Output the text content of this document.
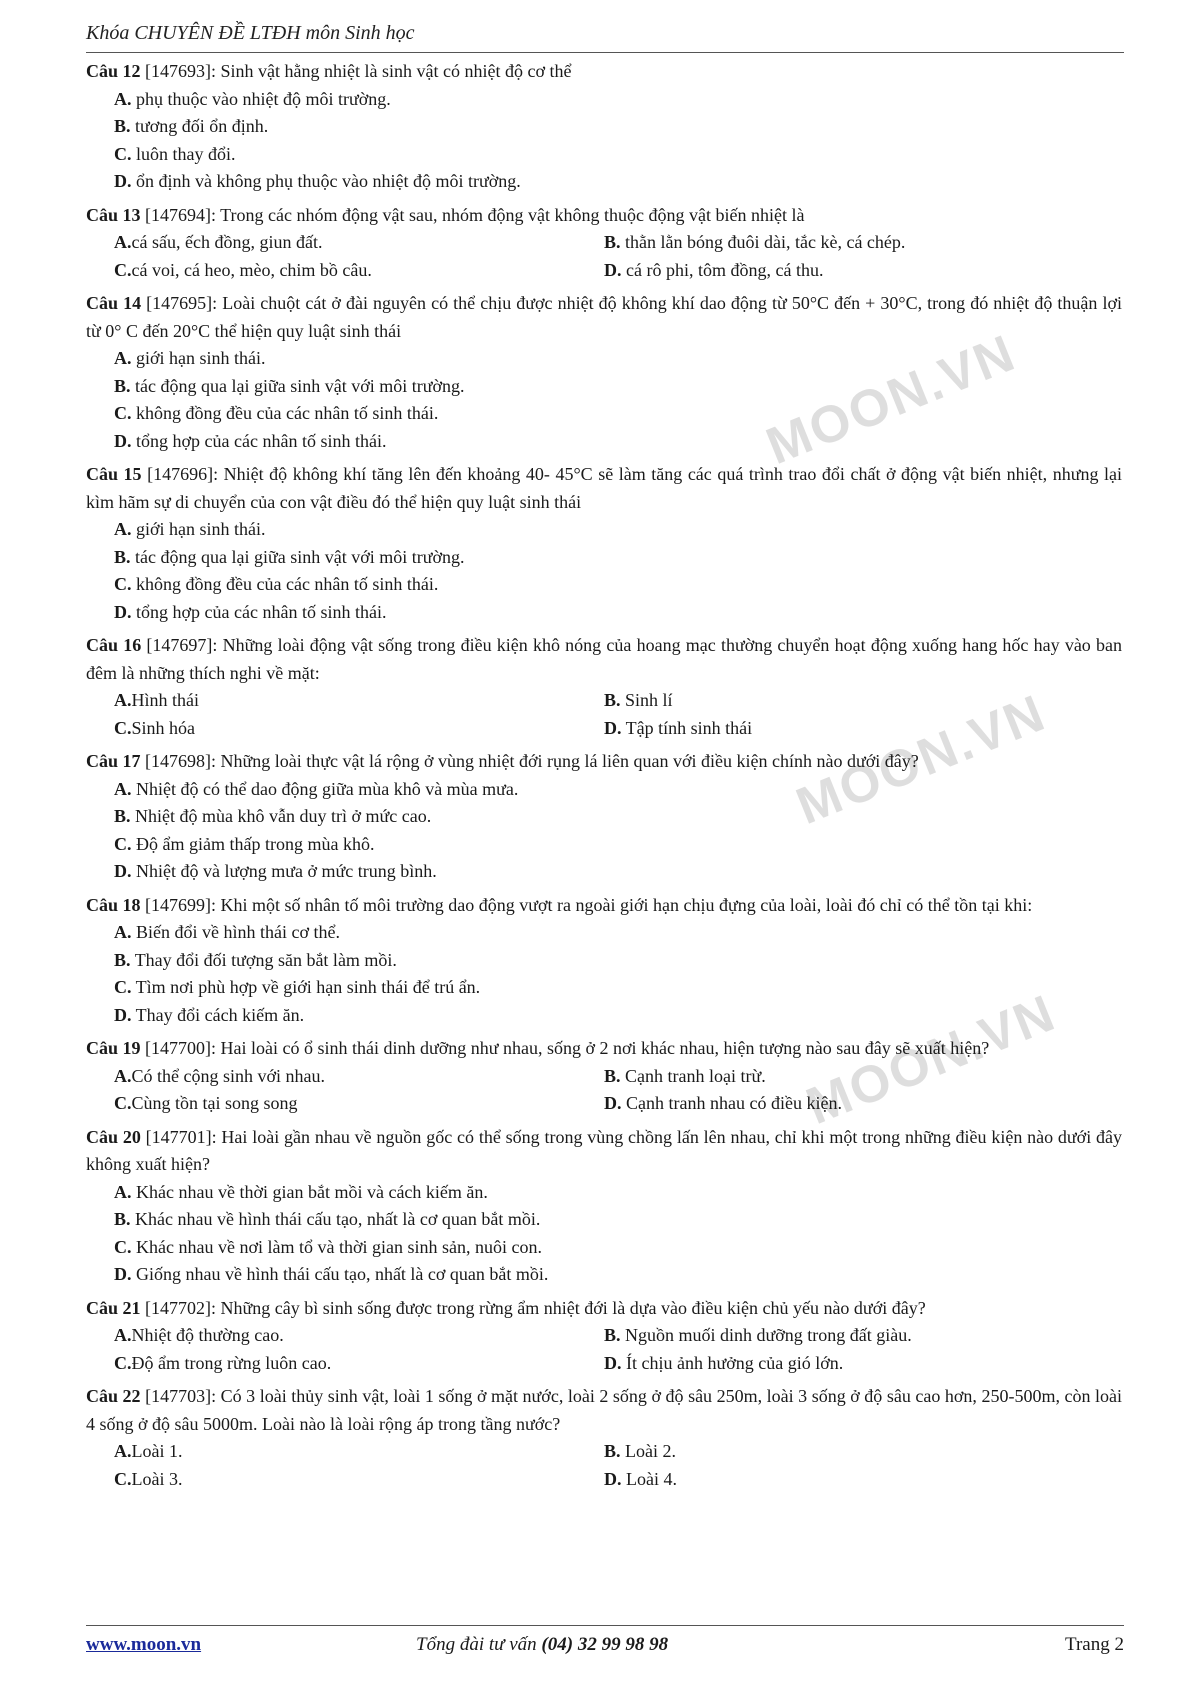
Khóa CHUYÊN ĐỀ LTĐH môn Sinh học
MOON.VN
MOON.VN
MOON.VN
Câu 12 [147693]: Sinh vật hằng nhiệt là sinh vật có nhiệt độ cơ thể
A. phụ thuộc vào nhiệt độ môi trường.
B. tương đối ổn định.
C. luôn thay đổi.
D. ổn định và không phụ thuộc vào nhiệt độ môi trường.
Câu 13 [147694]: Trong các nhóm động vật sau, nhóm động vật không thuộc động vật biến nhiệt là
A.cá sấu, ếch đồng, giun đất.	B. thằn lằn bóng đuôi dài, tắc kè, cá chép.
C.cá voi, cá heo, mèo, chim bồ câu.	D. cá rô phi, tôm đồng, cá thu.
Câu 14 [147695]: Loài chuột cát ở đài nguyên có thể chịu được nhiệt độ không khí dao động từ 50°C đến + 30°C, trong đó nhiệt độ thuận lợi từ 0° C đến 20°C thể hiện quy luật sinh thái
A. giới hạn sinh thái.
B. tác động qua lại giữa sinh vật với môi trường.
C. không đồng đều của các nhân tố sinh thái.
D. tổng hợp của các nhân tố sinh thái.
Câu 15 [147696]: Nhiệt độ không khí tăng lên đến khoảng 40- 45°C sẽ làm tăng các quá trình trao đổi chất ở động vật biến nhiệt, nhưng lại kìm hãm sự di chuyển của con vật điều đó thể hiện quy luật sinh thái
A. giới hạn sinh thái.
B. tác động qua lại giữa sinh vật với môi trường.
C. không đồng đều của các nhân tố sinh thái.
D. tổng hợp của các nhân tố sinh thái.
Câu 16 [147697]: Những loài động vật sống trong điều kiện khô nóng của hoang mạc thường chuyển hoạt động xuống hang hốc hay vào ban đêm là những thích nghi về mặt:
A.Hình thái	B. Sinh lí
C.Sinh hóa	D. Tập tính sinh thái
Câu 17 [147698]: Những loài thực vật lá rộng ở vùng nhiệt đới rụng lá liên quan với điều kiện chính nào dưới đây?
A. Nhiệt độ có thể dao động giữa mùa khô và mùa mưa.
B. Nhiệt độ mùa khô vẫn duy trì ở mức cao.
C. Độ ẩm giảm thấp trong mùa khô.
D. Nhiệt độ và lượng mưa ở mức trung bình.
Câu 18 [147699]: Khi một số nhân tố môi trường dao động vượt ra ngoài giới hạn chịu đựng của loài, loài đó chỉ có thể tồn tại khi:
A. Biến đổi về hình thái cơ thể.
B. Thay đổi đối tượng săn bắt làm mồi.
C. Tìm nơi phù hợp về giới hạn sinh thái để trú ẩn.
D. Thay đổi cách kiếm ăn.
Câu 19 [147700]: Hai loài có ổ sinh thái dinh dưỡng như nhau, sống ở 2 nơi khác nhau, hiện tượng nào sau đây sẽ xuất hiện?
A.Có thể cộng sinh với nhau.	B. Cạnh tranh loại trừ.
C.Cùng tồn tại song song	D. Cạnh tranh nhau có điều kiện.
Câu 20 [147701]: Hai loài gần nhau về nguồn gốc có thể sống trong vùng chồng lấn lên nhau, chỉ khi một trong những điều kiện nào dưới đây không xuất hiện?
A. Khác nhau về thời gian bắt mồi và cách kiếm ăn.
B. Khác nhau về hình thái cấu tạo, nhất là cơ quan bắt mồi.
C. Khác nhau về nơi làm tổ và thời gian sinh sản, nuôi con.
D. Giống nhau về hình thái cấu tạo, nhất là cơ quan bắt mồi.
Câu 21 [147702]: Những cây bì sinh sống được trong rừng ẩm nhiệt đới là dựa vào điều kiện chủ yếu nào dưới đây?
A.Nhiệt độ thường cao.	B. Nguồn muối dinh dưỡng trong đất giàu.
C.Độ ẩm trong rừng luôn cao.	D. Ít chịu ảnh hưởng của gió lớn.
Câu 22 [147703]: Có 3 loài thủy sinh vật, loài 1 sống ở mặt nước, loài 2 sống ở độ sâu 250m, loài 3 sống ở độ sâu cao hơn, 250-500m, còn loài 4 sống ở độ sâu 5000m. Loài nào là loài rộng áp trong tầng nước?
A.Loài 1.	B. Loài 2.
C.Loài 3.	D. Loài 4.
www.moon.vn	Tổng đài tư vấn (04) 32 99 98 98	Trang 2
